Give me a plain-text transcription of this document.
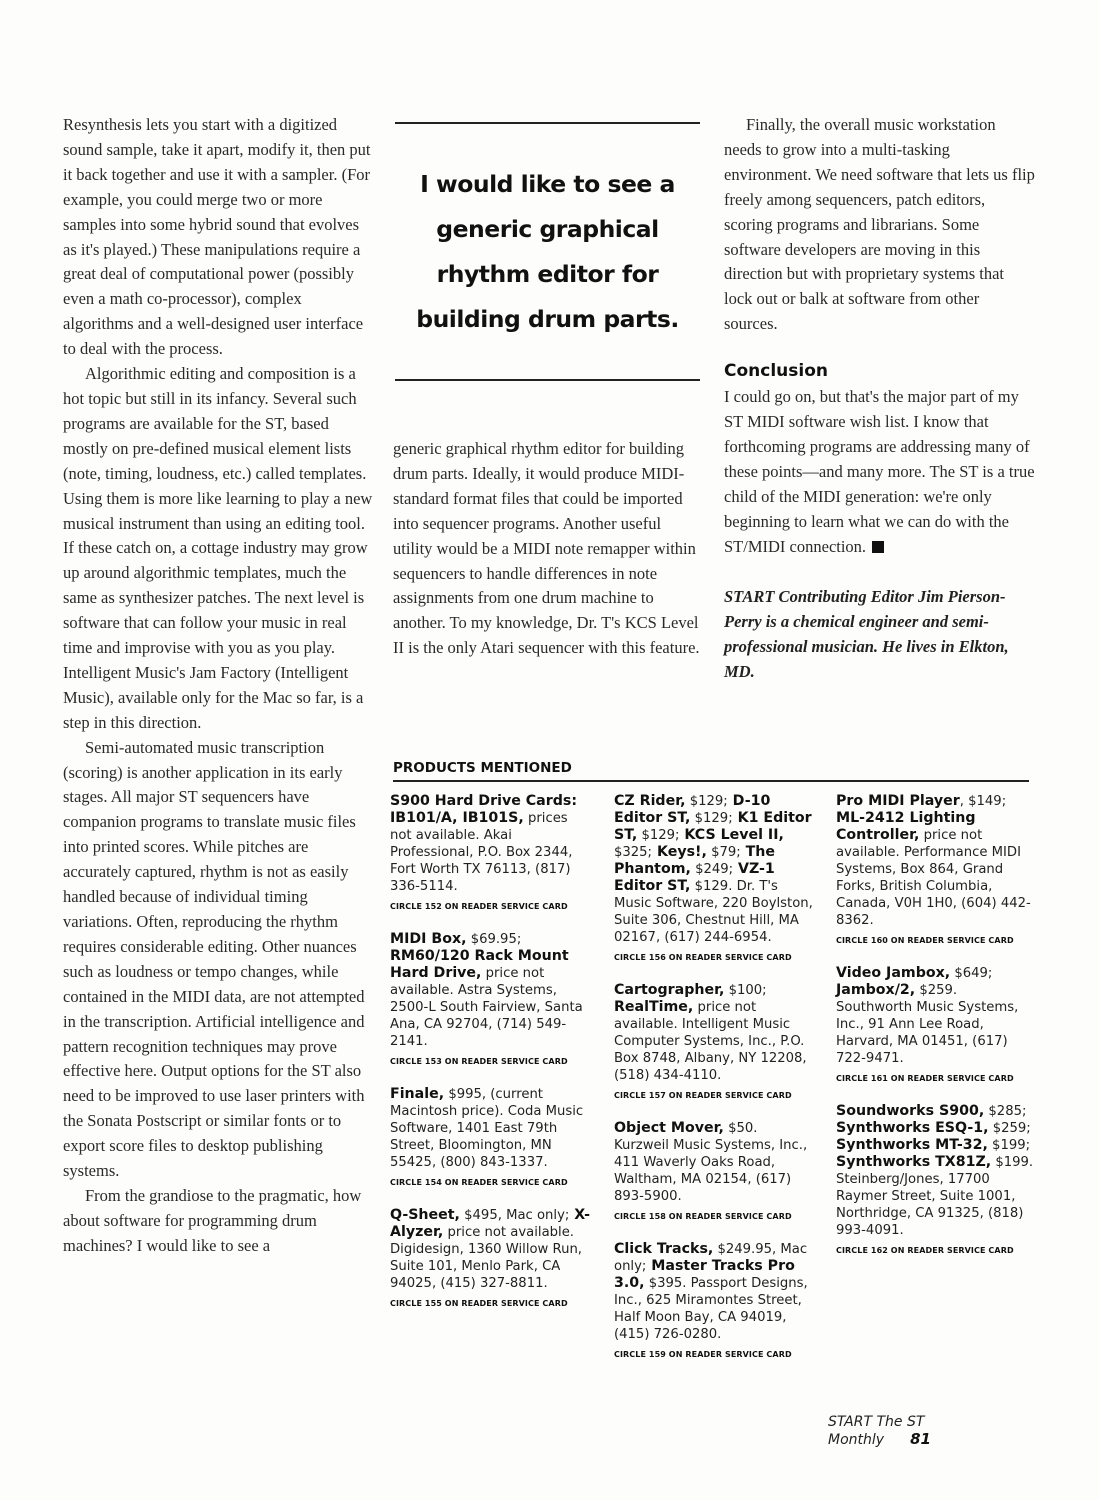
Resynthesis lets you start with a digitized sound sample, take it apart, modify it, then put it back together and use it with a sampler. (For example, you could merge two or more samples into some hybrid sound that evolves as it's played.) These manipulations require a great deal of computational power (possibly even a math co-processor), complex algorithms and a well-designed user interface to deal with the process.

Algorithmic editing and composition is a hot topic but still in its infancy. Several such programs are available for the ST, based mostly on pre-defined musical element lists (note, timing, loudness, etc.) called templates. Using them is more like learning to play a new musical instrument than using an editing tool. If these catch on, a cottage industry may grow up around algorithmic templates, much the same as synthesizer patches. The next level is software that can follow your music in real time and improvise with you as you play. Intelligent Music's Jam Factory (Intelligent Music), available only for the Mac so far, is a step in this direction.

Semi-automated music transcription (scoring) is another application in its early stages. All major ST sequencers have companion programs to translate music files into printed scores. While pitches are accurately captured, rhythm is not as easily handled because of individual timing variations. Often, reproducing the rhythm requires considerable editing. Other nuances such as loudness or tempo changes, while contained in the MIDI data, are not attempted in the transcription. Artificial intelligence and pattern recognition techniques may prove effective here. Output options for the ST also need to be improved to use laser printers with the Sonata Postscript or similar fonts or to export score files to desktop publishing systems.

From the grandiose to the pragmatic, how about software for programming drum machines? I would like to see a

I would like to see a generic graphical rhythm editor for building drum parts.

generic graphical rhythm editor for building drum parts. Ideally, it would produce MIDI-standard format files that could be imported into sequencer programs. Another useful utility would be a MIDI note remapper within sequencers to handle differences in note assignments from one drum machine to another. To my knowledge, Dr. T's KCS Level II is the only Atari sequencer with this feature.

Finally, the overall music workstation needs to grow into a multi-tasking environment. We need software that lets us flip freely among sequencers, patch editors, scoring programs and librarians. Some software developers are moving in this direction but with proprietary systems that lock out or balk at software from other sources.

Conclusion

I could go on, but that's the major part of my ST MIDI software wish list. I know that forthcoming programs are addressing many of these points—and many more. The ST is a true child of the MIDI generation: we're only beginning to learn what we can do with the ST/MIDI connection.

START Contributing Editor Jim Pierson-Perry is a chemical engineer and semi-professional musician. He lives in Elkton, MD.

PRODUCTS MENTIONED

S900 Hard Drive Cards: IB101/A, IB101S, prices not available. Akai Professional, P.O. Box 2344, Fort Worth TX 76113, (817) 336-5114.

CIRCLE 152 ON READER SERVICE CARD

MIDI Box, $69.95; RM60/120 Rack Mount Hard Drive, price not available. Astra Systems, 2500-L South Fairview, Santa Ana, CA 92704, (714) 549-2141.

CIRCLE 153 ON READER SERVICE CARD

Finale, $995, (current Macintosh price). Coda Music Software, 1401 East 79th Street, Bloomington, MN 55425, (800) 843-1337.

CIRCLE 154 ON READER SERVICE CARD

Q-Sheet, $495, Mac only; X-Alyzer, price not available. Digidesign, 1360 Willow Run, Suite 101, Menlo Park, CA 94025, (415) 327-8811.

CIRCLE 155 ON READER SERVICE CARD

CZ Rider, $129; D-10 Editor ST, $129; K1 Editor ST, $129; KCS Level II, $325; Keys!, $79; The Phantom, $249; VZ-1 Editor ST, $129. Dr. T's Music Software, 220 Boylston, Suite 306, Chestnut Hill, MA 02167, (617) 244-6954.

CIRCLE 156 ON READER SERVICE CARD

Cartographer, $100; RealTime, price not available. Intelligent Music Computer Systems, Inc., P.O. Box 8748, Albany, NY 12208, (518) 434-4110.

CIRCLE 157 ON READER SERVICE CARD

Object Mover, $50. Kurzweil Music Systems, Inc., 411 Waverly Oaks Road, Waltham, MA 02154, (617) 893-5900.

CIRCLE 158 ON READER SERVICE CARD

Click Tracks, $249.95, Mac only; Master Tracks Pro 3.0, $395. Passport Designs, Inc., 625 Miramontes Street, Half Moon Bay, CA 94019, (415) 726-0280.

CIRCLE 159 ON READER SERVICE CARD

Pro MIDI Player, $149; ML-2412 Lighting Controller, price not available. Performance MIDI Systems, Box 864, Grand Forks, British Columbia, Canada, V0H 1H0, (604) 442-8362.

CIRCLE 160 ON READER SERVICE CARD

Video Jambox, $649; Jambox/2, $259. Southworth Music Systems, Inc., 91 Ann Lee Road, Harvard, MA 01451, (617) 722-9471.

CIRCLE 161 ON READER SERVICE CARD

Soundworks S900, $285; Synthworks ESQ-1, $259; Synthworks MT-32, $199; Synthworks TX81Z, $199. Steinberg/Jones, 17700 Raymer Street, Suite 1001, Northridge, CA 91325, (818) 993-4091.

CIRCLE 162 ON READER SERVICE CARD
START The ST Monthly 81
